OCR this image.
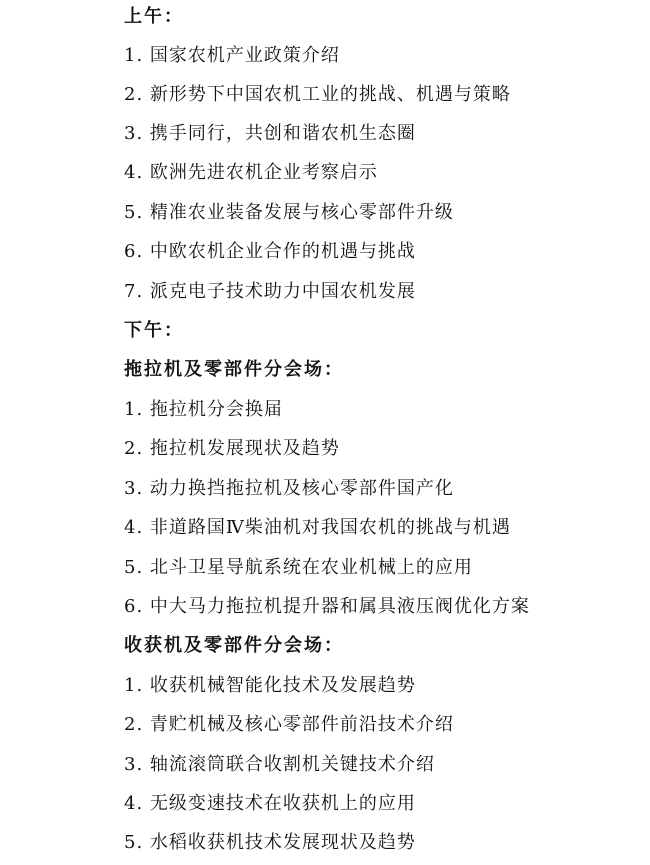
上午：
1. 国家农机产业政策介绍
2. 新形势下中国农机工业的挑战、机遇与策略
3. 携手同行，共创和谐农机生态圈
4. 欧洲先进农机企业考察启示
5. 精准农业装备发展与核心零部件升级
6. 中欧农机企业合作的机遇与挑战
7. 派克电子技术助力中国农机发展
下午：
拖拉机及零部件分会场：
1. 拖拉机分会换届
2. 拖拉机发展现状及趋势
3. 动力换挡拖拉机及核心零部件国产化
4. 非道路国Ⅳ柴油机对我国农机的挑战与机遇
5. 北斗卫星导航系统在农业机械上的应用
6. 中大马力拖拉机提升器和属具液压阀优化方案
收获机及零部件分会场：
1. 收获机械智能化技术及发展趋势
2. 青贮机械及核心零部件前沿技术介绍
3. 轴流滚筒联合收割机关键技术介绍
4. 无级变速技术在收获机上的应用
5. 水稻收获机技术发展现状及趋势
